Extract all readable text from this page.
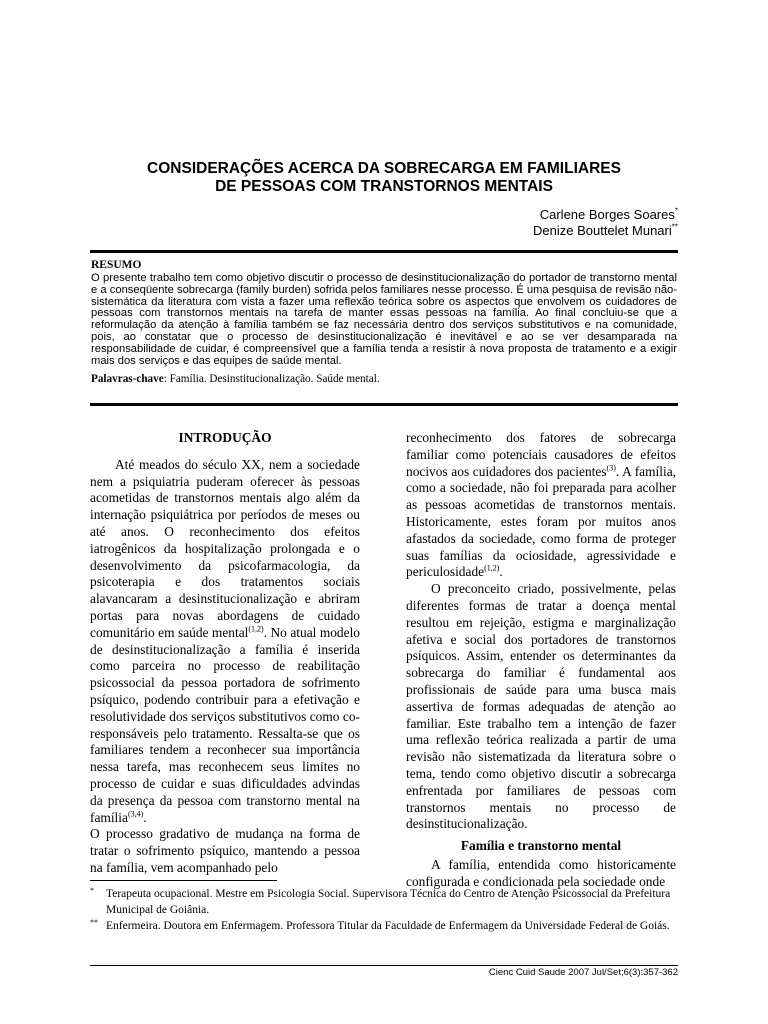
CONSIDERAÇÕES ACERCA DA SOBRECARGA EM FAMILIARES
DE PESSOAS COM TRANSTORNOS MENTAIS
Carlene Borges Soares*
Denize Bouttelet Munari**
RESUMO
O presente trabalho tem como objetivo discutir o processo de desinstitucionalização do portador de transtorno mental e a conseqüente sobrecarga (family burden) sofrida pelos familiares nesse processo. É uma pesquisa de revisão não-sistemática da literatura com vista a fazer uma reflexão teórica sobre os aspectos que envolvem os cuidadores de pessoas com transtornos mentais na tarefa de manter essas pessoas na família. Ao final concluiu-se que a reformulação da atenção à família também se faz necessária dentro dos serviços substitutivos e na comunidade, pois, ao constatar que o processo de desinstitucionalização é inevitável e ao se ver desamparada na responsabilidade de cuidar, é compreensível que a família tenda a resistir à nova proposta de tratamento e a exigir mais dos serviços e das equipes de saúde mental.
Palavras-chave: Família. Desinstitucionalização. Saúde mental.
INTRODUÇÃO

Até meados do século XX, nem a sociedade nem a psiquiatria puderam oferecer às pessoas acometidas de transtornos mentais algo além da internação psiquiátrica por períodos de meses ou até anos. O reconhecimento dos efeitos iatrogênicos da hospitalização prolongada e o desenvolvimento da psicofarmacologia, da psicoterapia e dos tratamentos sociais alavancaram a desinstitucionalização e abriram portas para novas abordagens de cuidado comunitário em saúde mental$^{(1,2)}$. No atual modelo de desinstitucionalização a família é inserida como parceira no processo de reabilitação psicossocial da pessoa portadora de sofrimento psíquico, podendo contribuir para a efetivação e resolutividade dos serviços substitutivos como co-responsáveis pelo tratamento. Ressalta-se que os familiares tendem a reconhecer sua importância nessa tarefa, mas reconhecem seus limites no processo de cuidar e suas dificuldades advindas da presença da pessoa com transtorno mental na família$^{(3,4)}$.

O processo gradativo de mudança na forma de tratar o sofrimento psíquico, mantendo a pessoa na família, vem acompanhado pelo

reconhecimento dos fatores de sobrecarga familiar como potenciais causadores de efeitos nocivos aos cuidadores dos pacientes$^{(3)}$. A família, como a sociedade, não foi preparada para acolher as pessoas acometidas de transtornos mentais. Historicamente, estes foram por muitos anos afastados da sociedade, como forma de proteger suas famílias da ociosidade, agressividade e periculosidade$^{(1,2)}$.

O preconceito criado, possivelmente, pelas diferentes formas de tratar a doença mental resultou em rejeição, estigma e marginalização afetiva e social dos portadores de transtornos psíquicos. Assim, entender os determinantes da sobrecarga do familiar é fundamental aos profissionais de saúde para uma busca mais assertiva de formas adequadas de atenção ao familiar. Este trabalho tem a intenção de fazer uma reflexão teórica realizada a partir de uma revisão não sistematizada da literatura sobre o tema, tendo como objetivo discutir a sobrecarga enfrentada por familiares de pessoas com transtornos mentais no processo de desinstitucionalização.

Família e transtorno mental

A família, entendida como historicamente configurada e condicionada pela sociedade onde

* Terapeuta ocupacional. Mestre em Psicologia Social. Supervisora Técnica do Centro de Atenção Psicossocial da Prefeitura Municipal de Goiânia.
** Enfermeira. Doutora em Enfermagem. Professora Titular da Faculdade de Enfermagem da Universidade Federal de Goiás.
Cienc Cuid Saude 2007 Jul/Set;6(3):357-362
